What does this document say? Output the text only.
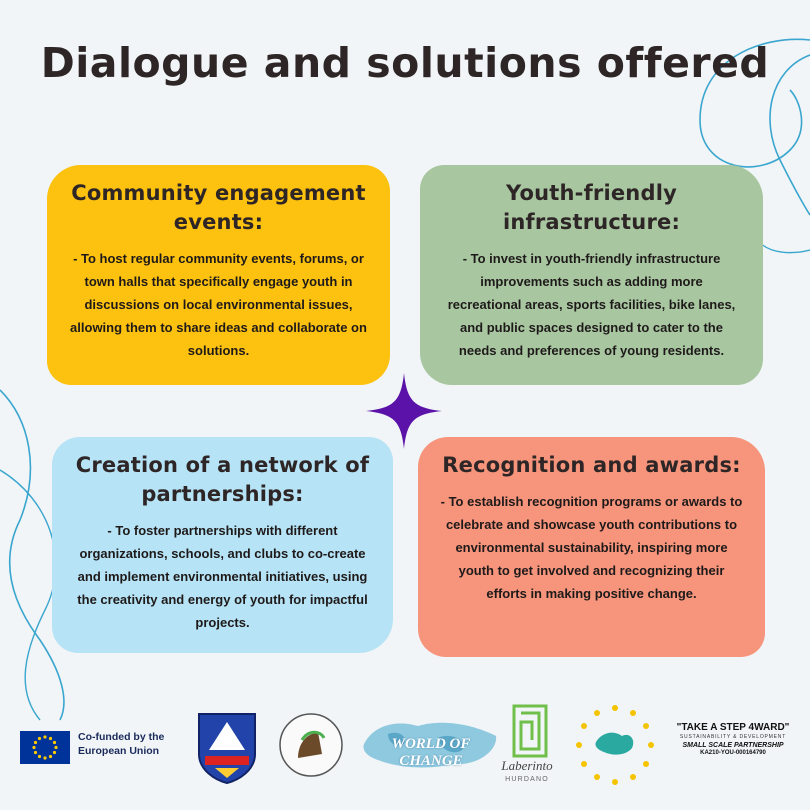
Dialogue and solutions offered
Community engagement events:

- To host regular community events, forums, or town halls that specifically engage youth in discussions on local environmental issues, allowing them to share ideas and collaborate on solutions.

Youth-friendly infrastructure:

- To invest in youth-friendly infrastructure improvements such as adding more recreational areas, sports facilities, bike lanes, and public spaces designed to cater to the needs and preferences of young residents.

Creation of a network of partnerships:

- To foster partnerships with different organizations, schools, and clubs to co-create and implement environmental initiatives, using the creativity and energy of youth for impactful projects.

Recognition and awards:

- To establish recognition programs or awards to celebrate and showcase youth contributions to environmental sustainability, inspiring more youth to get involved and recognizing their efforts in making positive change.

Co-funded by the European Union	WORLD OF CHANGE	Laberinto
HURDANO
"TAKE A STEP 4WARD"
SUSTAINABILITY & DEVELOPMENT
SMALL SCALE PARTNERSHIP
KA210-YOU-000164790
